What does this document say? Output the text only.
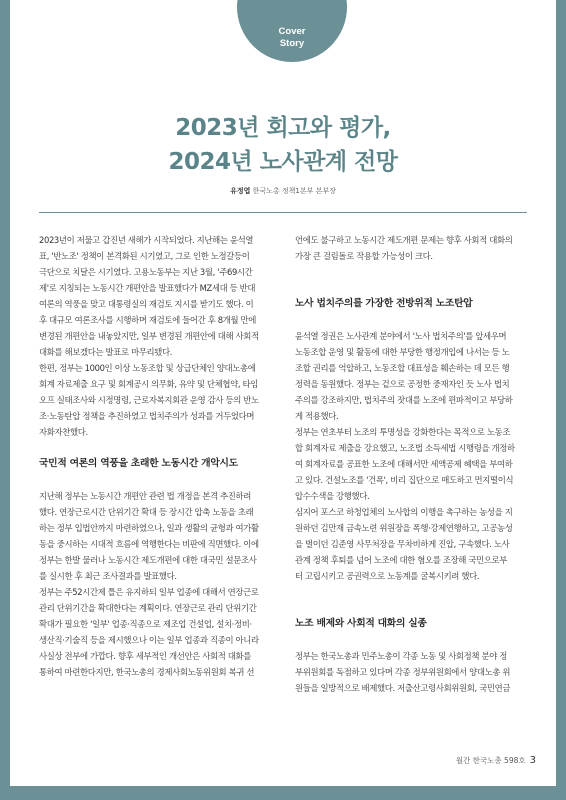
Cover
Story
2023년 회고와 평가,
2024년 노사관계 전망
유정엽 한국노총 정책1본부 본부장

2023년이 저물고 갑진년 새해가 시작되었다. 지난해는 윤석열
표, '반노조' 정책이 본격화된 시기였고, 그로 인한 노정갈등이
극단으로 치달은 시기였다. 고용노동부는 지난 3월, '주69시간
제'로 지칭되는 노동시간 개편안을 발표했다가 MZ세대 등 반대
여론의 역풍을 맞고 대통령실의 재검토 지시를 받기도 했다. 이
후 대규모 여론조사를 시행하며 재검토에 들어간 후 8개월 만에
변경된 개편안을 내놓았지만, 일부 변경된 개편안에 대해 사회적
대화를 해보겠다는 발표로 마무리됐다.

한편, 정부는 1000인 이상 노동조합 및 상급단체인 양대노총에
회계 자료제출 요구 및 회계공시 의무화, 유약 및 단체협약, 타임
오프 실태조사와 시정명령, 근로자복지회관 운영 감사 등의 반노
조·노동탄압 정책을 추진하였고 법치주의가 성과를 거두었다며
자화자찬했다.

국민적 여론의 역풍을 초래한 노동시간 개악시도

지난해 정부는 노동시간 개편안 관련 법 개정을 본격 추진하려
했다. 연장근로시간 단위기간 확대 등 장시간 압축 노동을 초래
하는 정부 입법안까지 마련하였으나, 일과 생활의 균형과 여가활
동을 중시하는 시대적 흐름에 역행한다는 비판에 직면했다. 이에
정부는 한발 물러나 노동시간 제도개편에 대한 대국민 설문조사
를 실시한 후 최근 조사결과를 발표했다.

정부는 주52시간제 틀은 유지하되 일부 업종에 대해서 연장근로
관리 단위기간을 확대한다는 계획이다. 연장근로 관리 단위기간
확대가 필요한 '일부' 업종·직종으로 제조업 건설업, 설치·정비·
생산직·기술직 등을 제시했으나 이는 일부 업종과 직종이 아니라
사실상 전부에 가깝다. 향후 세부적인 개선안은 사회적 대화를
통하여 마련한다지만, 한국노총의 경제사회노동위원회 복귀 선

언에도 불구하고 노동시간 제도개편 문제는 향후 사회적 대화의
가장 큰 걸림돌로 작용할 가능성이 크다.

노사 법치주의를 가장한 전방위적 노조탄압

윤석열 정권은 노사관계 분야에서 '노사 법치주의'를 앞세우며
노동조합 운영 및 활동에 대한 부당한 행정개입에 나서는 등 노
조할 권리를 억압하고, 노동조합 대표성을 훼손하는 데 모든 행
정력을 동원했다. 정부는 겉으로 공정한 중재자인 듯 노사 법치
주의를 강조하지만, 법치주의 잣대를 노조에 편파적이고 부당하
게 적용했다.

정부는 연초부터 노조의 투명성을 강화한다는 목적으로 노동조
합 회계자료 제출을 강요했고, 노조법 소득세법 시행령을 개정하
여 회계자료를 공표한 노조에 대해서만 세액공제 혜택을 부여하
고 있다. 건설노조를 '건폭', 비리 집단으로 매도하고 먼지떨이식
압수수색을 강행했다.

심지어 포스코 하청업체의 노사합의 이행을 촉구하는 농성을 지
원하던 김만재 금속노련 위원장을 폭행·강제연행하고, 고공농성
을 벌이던 김준영 사무처장을 무차비하게 진압, 구속했다. 노사
관계 정책 후퇴를 넘어 노조에 대한 혐오를 조장해 국민으로부
터 고립시키고 공권력으로 노동계를 굴복시키려 했다.

노조 배제와 사회적 대화의 실종

정부는 한국노총과 민주노총이 각종 노동 및 사회정책 분야 정
부위원회를 독점하고 있다며 각종 정부위원회에서 양대노총 위
원들을 일방적으로 배제했다. 저출산고령사회위원회, 국민연금

월간 한국노총 598호 3
